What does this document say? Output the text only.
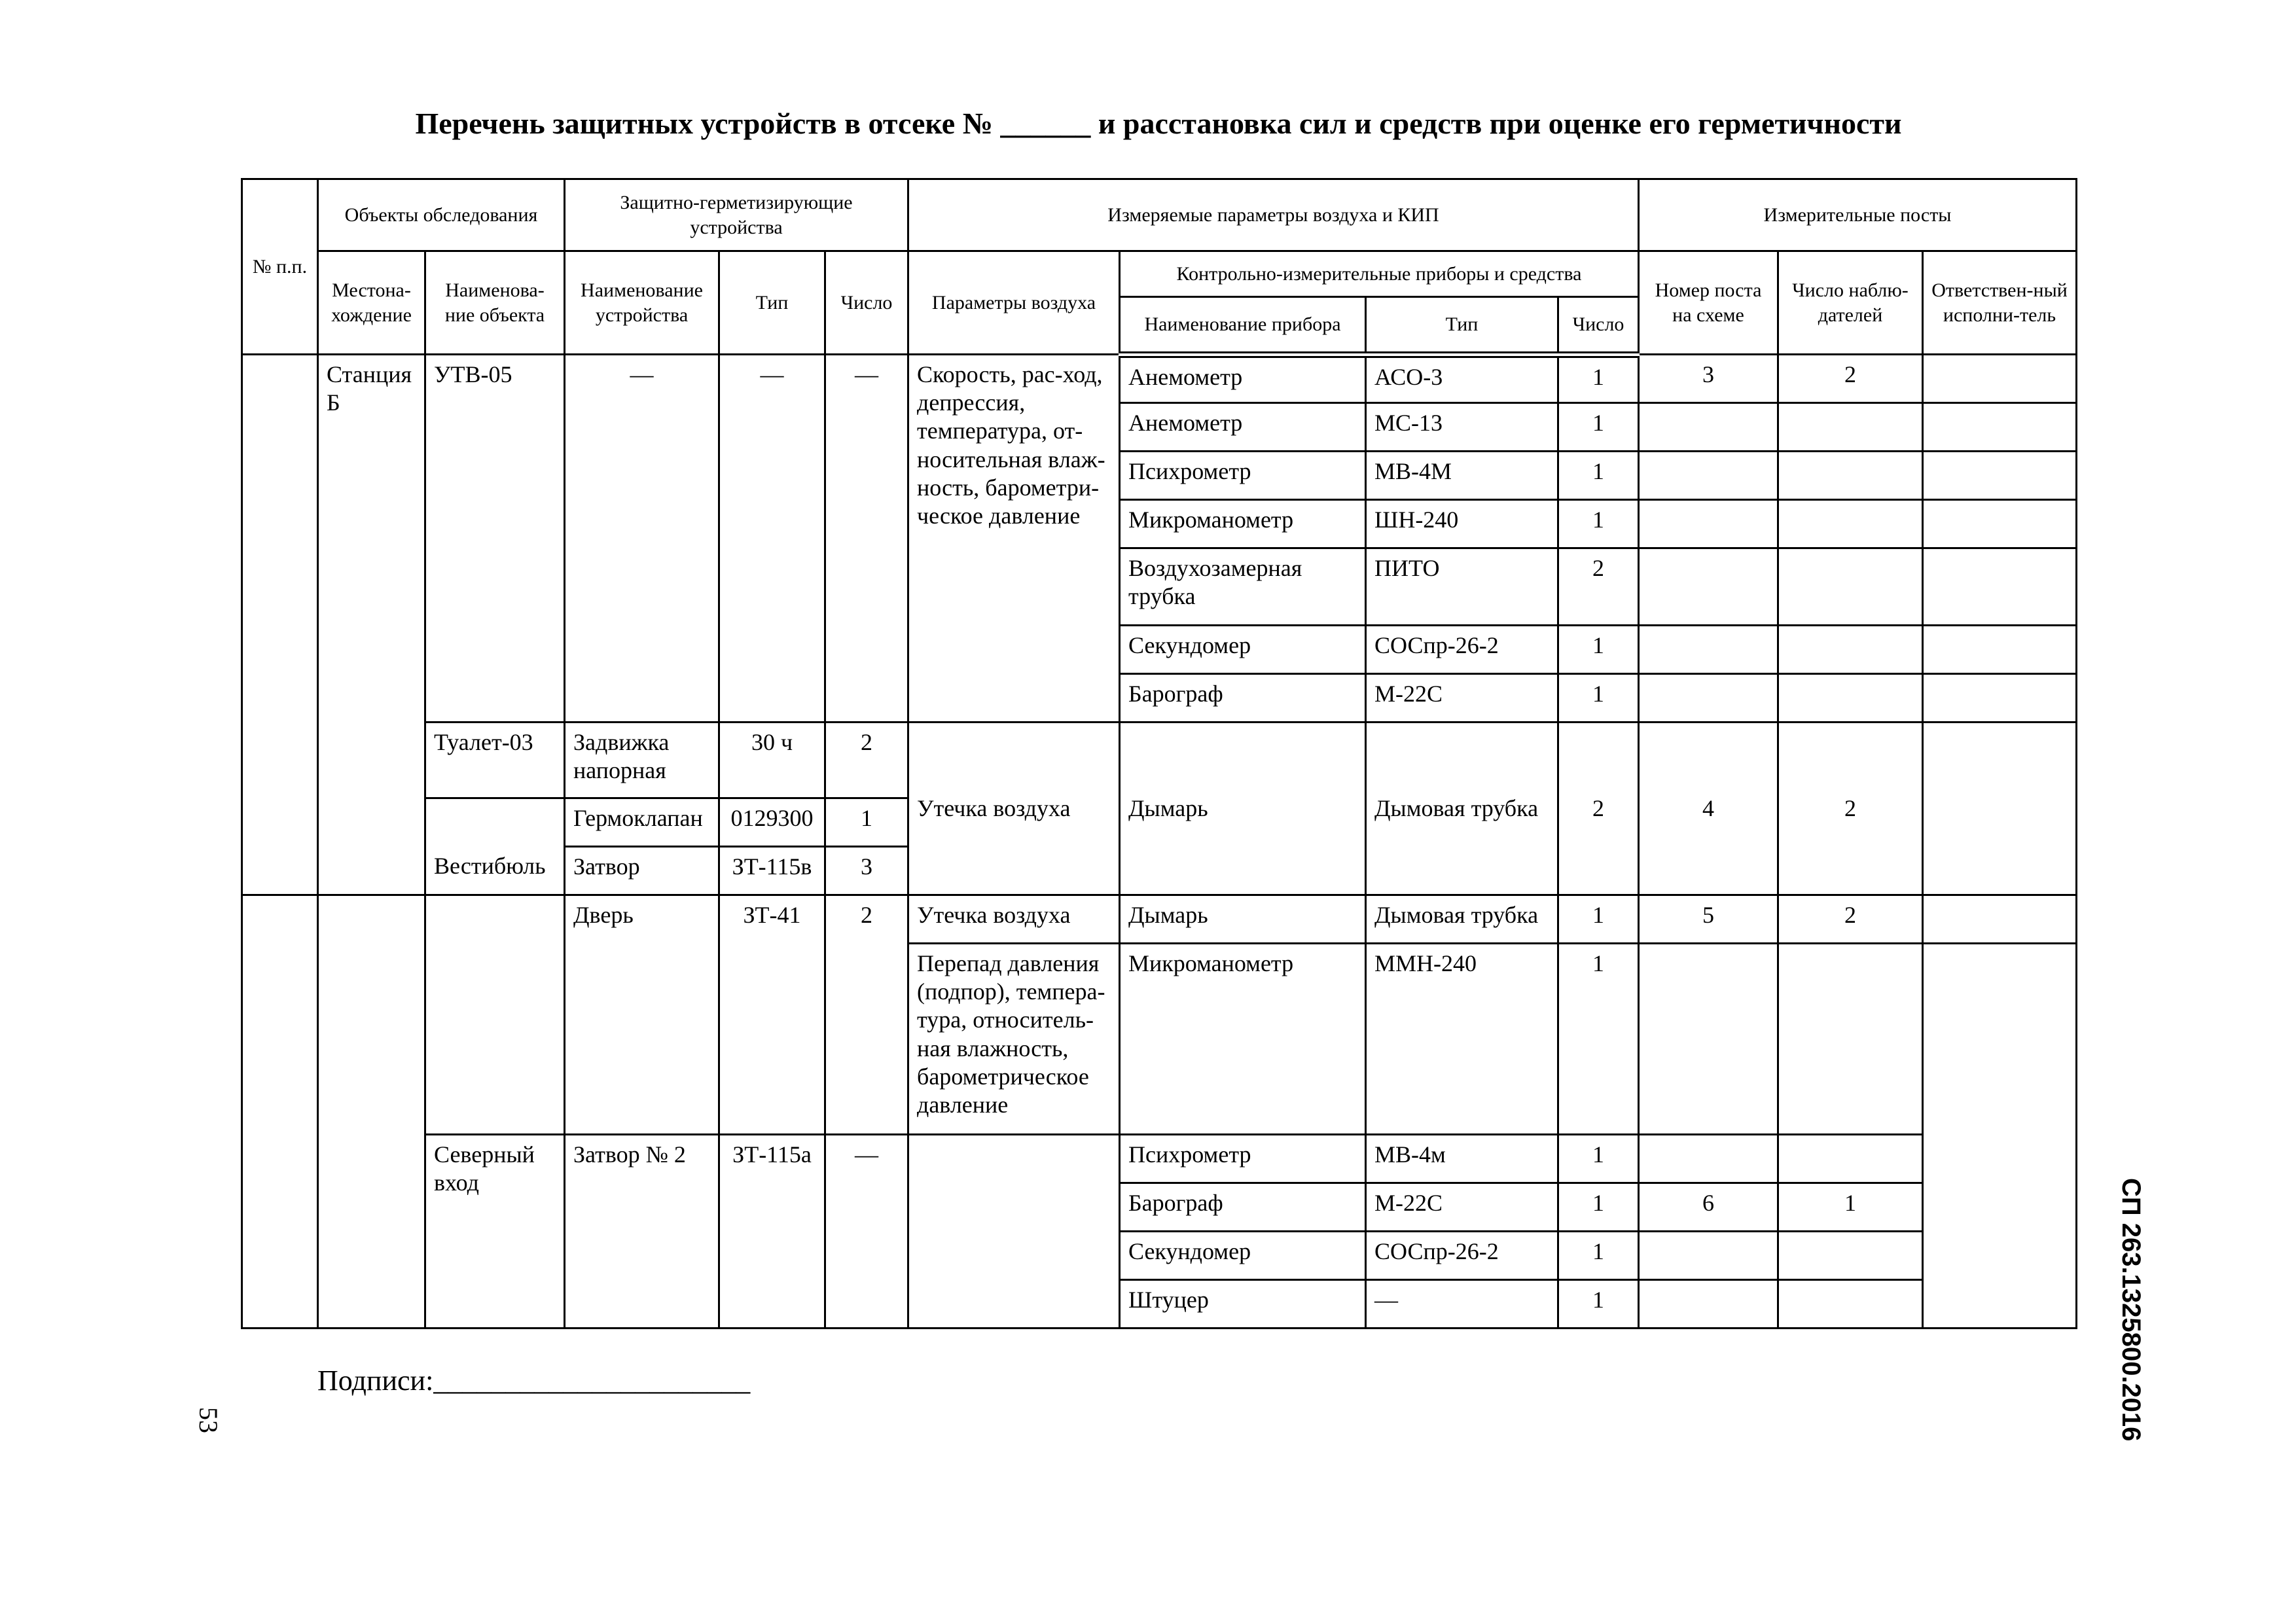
Перечень защитных устройств в отсеке № ______ и расстановка сил и средств при оценке его герметичности
№ п.п.	Объекты обследования		Защитно-герметизирующие устройства			Измеряемые параметры воздуха и КИП				Измерительные посты		
	Местона-хождение	Наименова-ние объекта	Наименование устройства	Тип	Число	Параметры воздуха	Контрольно-измерительные приборы и средства			Номер поста на схеме	Число наблю-дателей	Ответствен-ный исполни-тель
							Наименование прибора	Тип	Число			
	Станция Б	УТВ-05	—	—	—	Скорость, рас-ход, депрессия, температура, от-носительная влаж-ность, барометри-ческое давление	Анемометр	АСО-3	1	3	2	
							Анемометр	МС-13	1			
							Психрометр	МВ-4М	1			
							Микроманометр	ШН-240	1			
							Воздухозамерная трубка	ПИТО	2			
							Секундомер	СОСпр-26-2	1			
							Барограф	М-22С	1			
		Туалет-03	Задвижка напорная	30 ч	2	Утечка воздуха	Дымарь	Дымовая трубка	2	4	2	
			Гермоклапан	0129300	1							
		Вестибюль	Затвор	ЗТ-115в	3							
			Дверь	ЗТ-41	2	Утечка воздуха	Дымарь	Дымовая трубка	1	5	2	
						Перепад давления (подпор), темпера-тура, относитель-ная влажность, барометрическое давление	Микроманометр	ММН-240	1			
		Северный вход	Затвор № 2	ЗТ-115а	—		Психрометр	МВ-4м	1			
							Барограф	М-22С	1	6	1	
							Секундомер	СОСпр-26-2	1			
							Штуцер	—	1			
Подписи:______________________	СП 263.1325800.2016
53
